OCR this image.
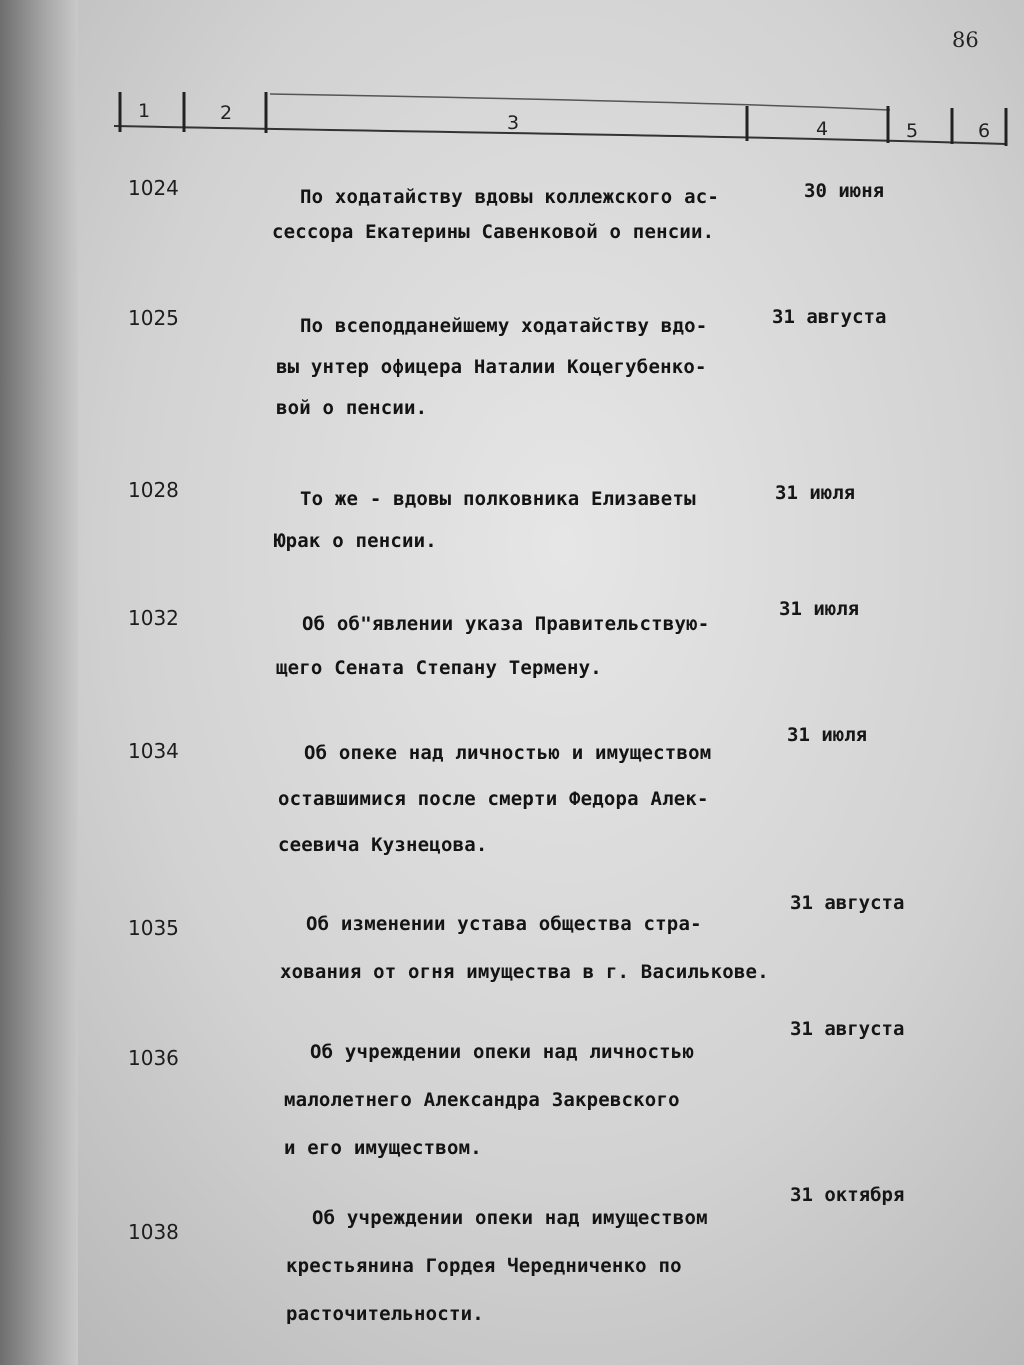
86
1	2	3	4	5	6
1024	По ходатайству вдовы коллежского ас-
сессора Екатерины Савенковой о пенсии.
30 июня
1025	По всеподданейшему ходатайству вдо-
вы унтер офицера Наталии Коцегубенко-
вой о пенсии.
31 августа
1028	То же - вдовы полковника Елизаветы
Юрак о пенсии.
31 июля
1032	Об об"явлении указа Правительствую-
щего Сената Степану Термену.
31 июля
1034	Об опеке над личностью и имуществом
оставшимися после смерти Федора Алек-
сеевича Кузнецова.
31 июля
1035	Об изменении устава общества стра-
хования от огня имущества в г. Василькове.
31 августа
1036	Об учреждении опеки над личностью
малолетнего Александра Закревского
и его имуществом.
31 августа
1038
Об учреждении опеки над имуществом
крестьянина Гордея Чередниченко по
расточительности.
31 октября
